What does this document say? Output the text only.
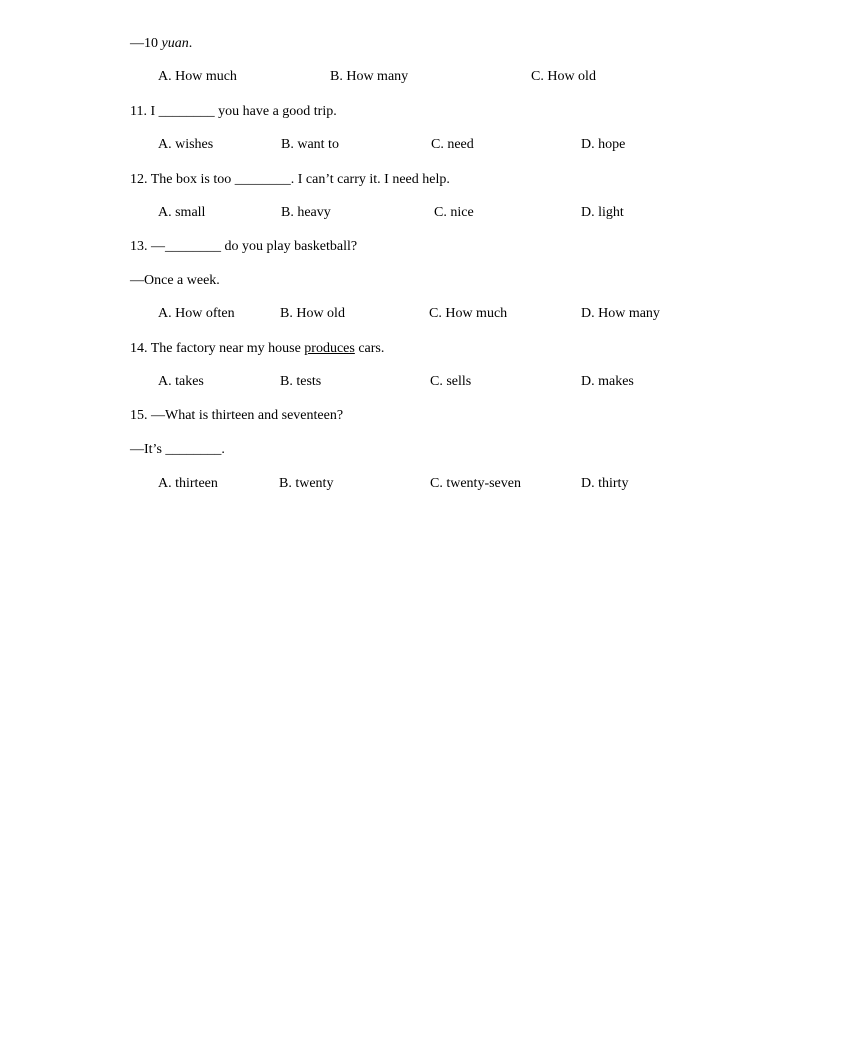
—10 yuan.
A. How much	B. How many	C. How old
11. I ________ you have a good trip.
A. wishes	B. want to	C. need	D. hope
12. The box is too ________. I can’t carry it. I need help.
A. small	B. heavy	C. nice	D. light
13. —________ do you play basketball?
—Once a week.
A. How often	B. How old	C. How much	D. How many
14. The factory near my house produces cars.
A. takes	B. tests	C. sells	D. makes
15. —What is thirteen and seventeen?
—It’s ________.
A. thirteen	B. twenty	C. twenty-seven	D. thirty
